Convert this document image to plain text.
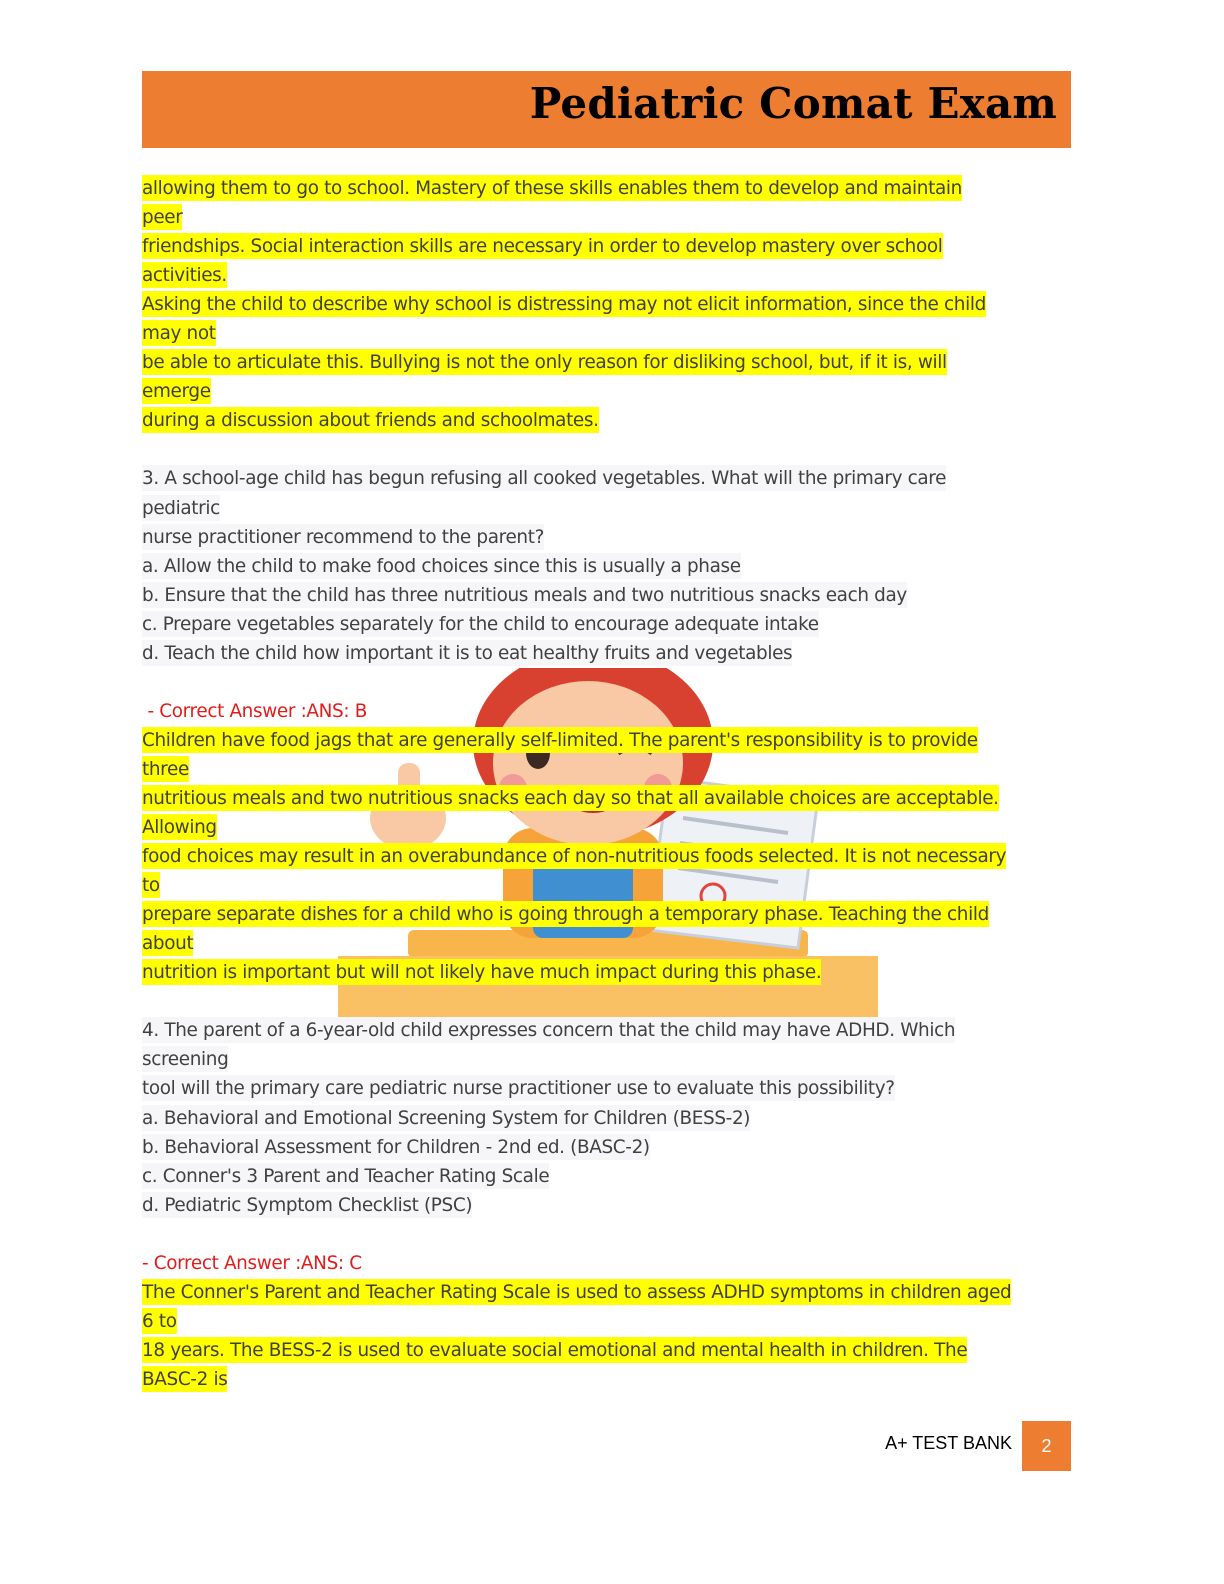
Pediatric Comat Exam
allowing them to go to school. Mastery of these skills enables them to develop and maintain
peer
friendships. Social interaction skills are necessary in order to develop mastery over school
activities.
Asking the child to describe why school is distressing may not elicit information, since the child
may not
be able to articulate this. Bullying is not the only reason for disliking school, but, if it is, will
emerge
during a discussion about friends and schoolmates.
3. A school-age child has begun refusing all cooked vegetables. What will the primary care
pediatric
nurse practitioner recommend to the parent?
a. Allow the child to make food choices since this is usually a phase
b. Ensure that the child has three nutritious meals and two nutritious snacks each day
c. Prepare vegetables separately for the child to encourage adequate intake
d. Teach the child how important it is to eat healthy fruits and vegetables
- Correct Answer :ANS: B
Children have food jags that are generally self-limited. The parent's responsibility is to provide
three
nutritious meals and two nutritious snacks each day so that all available choices are acceptable.
Allowing
food choices may result in an overabundance of non-nutritious foods selected. It is not necessary
to
prepare separate dishes for a child who is going through a temporary phase. Teaching the child
about
nutrition is important but will not likely have much impact during this phase.
4. The parent of a 6-year-old child expresses concern that the child may have ADHD. Which
screening
tool will the primary care pediatric nurse practitioner use to evaluate this possibility?
a. Behavioral and Emotional Screening System for Children (BESS-2)
b. Behavioral Assessment for Children - 2nd ed. (BASC-2)
c. Conner's 3 Parent and Teacher Rating Scale
d. Pediatric Symptom Checklist (PSC)
- Correct Answer :ANS: C
The Conner's Parent and Teacher Rating Scale is used to assess ADHD symptoms in children aged
6 to
18 years. The BESS-2 is used to evaluate social emotional and mental health in children. The
BASC-2 is
A+ TEST BANK	2
